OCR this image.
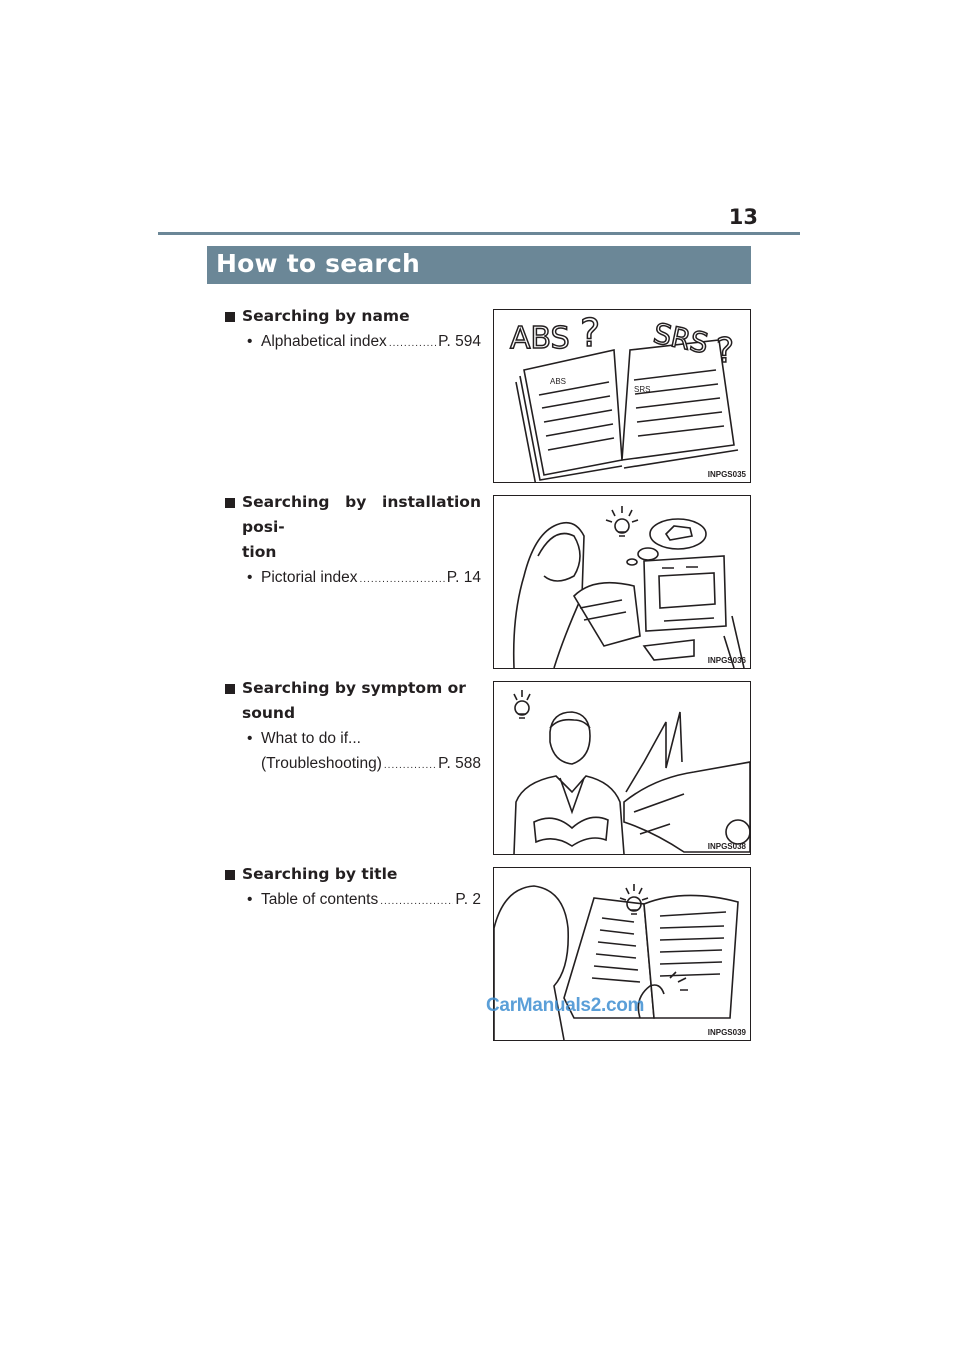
13
How to search
Searching by name
• Alphabetical index .....	P. 594 ABS ? SRS ?
ABS
SRS
INPGS035
Searching by installation posi-
tion
• Pictorial index .....	P. 14
INPGS036
Searching by symptom or sound
• What to do if...
(Troubleshooting) .....	P. 588
INPGS038
Searching by title
• Table of contents .....	P. 2
INPGS039
CarManuals2.com
